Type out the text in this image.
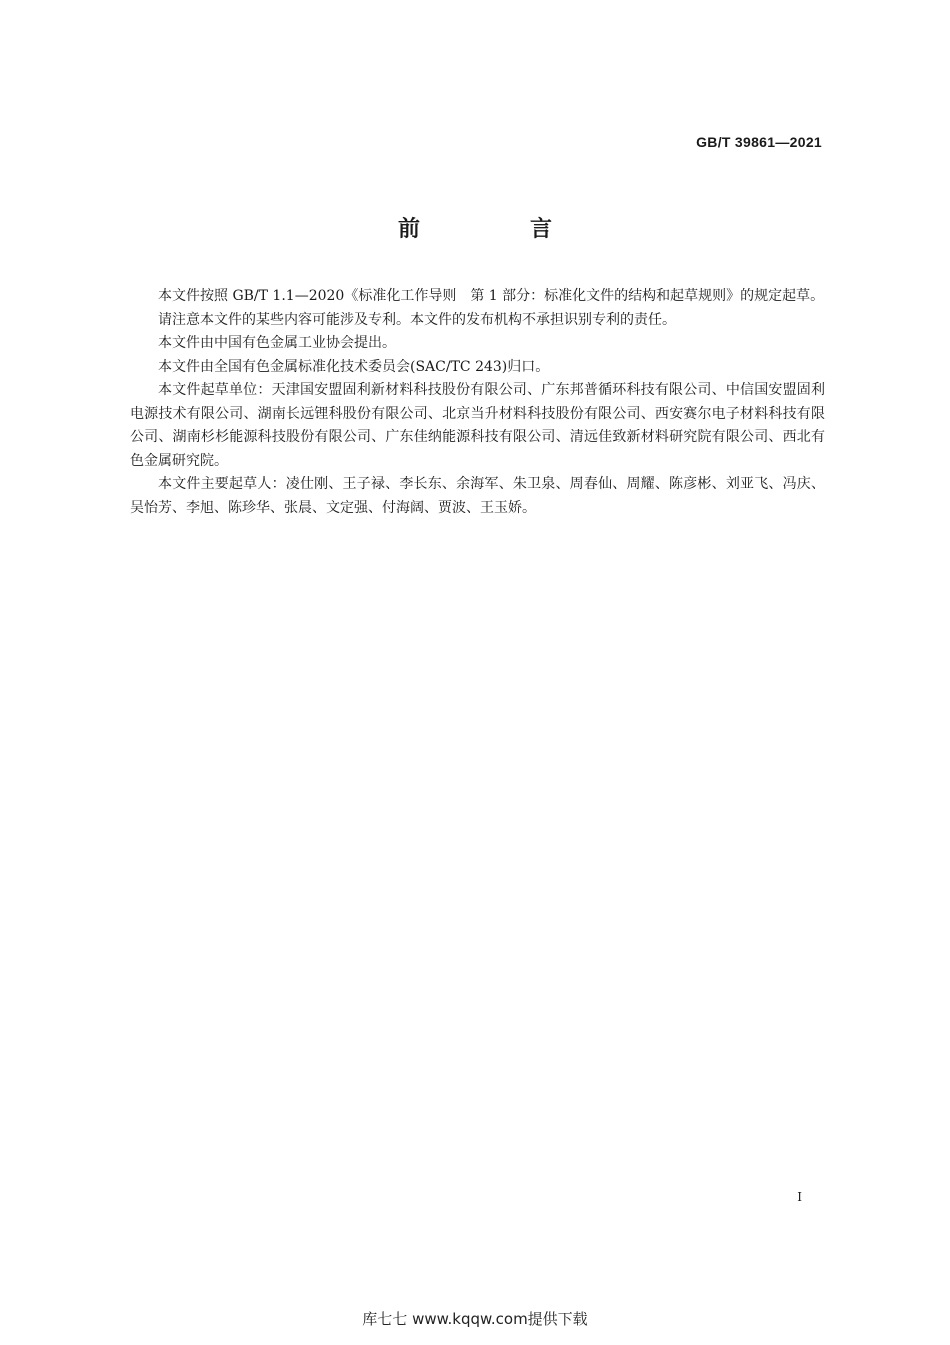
GB/T 39861—2021
前　言

本文件按照 GB/T 1.1—2020《标准化工作导则　第 1 部分：标准化文件的结构和起草规则》的规定起草。

请注意本文件的某些内容可能涉及专利。本文件的发布机构不承担识别专利的责任。

本文件由中国有色金属工业协会提出。

本文件由全国有色金属标准化技术委员会(SAC/TC 243)归口。

本文件起草单位：天津国安盟固利新材料科技股份有限公司、广东邦普循环科技有限公司、中信国安盟固利电源技术有限公司、湖南长远锂科股份有限公司、北京当升材料科技股份有限公司、西安赛尔电子材料科技有限公司、湖南杉杉能源科技股份有限公司、广东佳纳能源科技有限公司、清远佳致新材料研究院有限公司、西北有色金属研究院。

本文件主要起草人：凌仕刚、王子禄、李长东、余海军、朱卫泉、周春仙、周耀、陈彦彬、刘亚飞、冯庆、吴怡芳、李旭、陈珍华、张晨、文定强、付海阔、贾波、王玉娇。

I
库七七 www.kqqw.com提供下载
